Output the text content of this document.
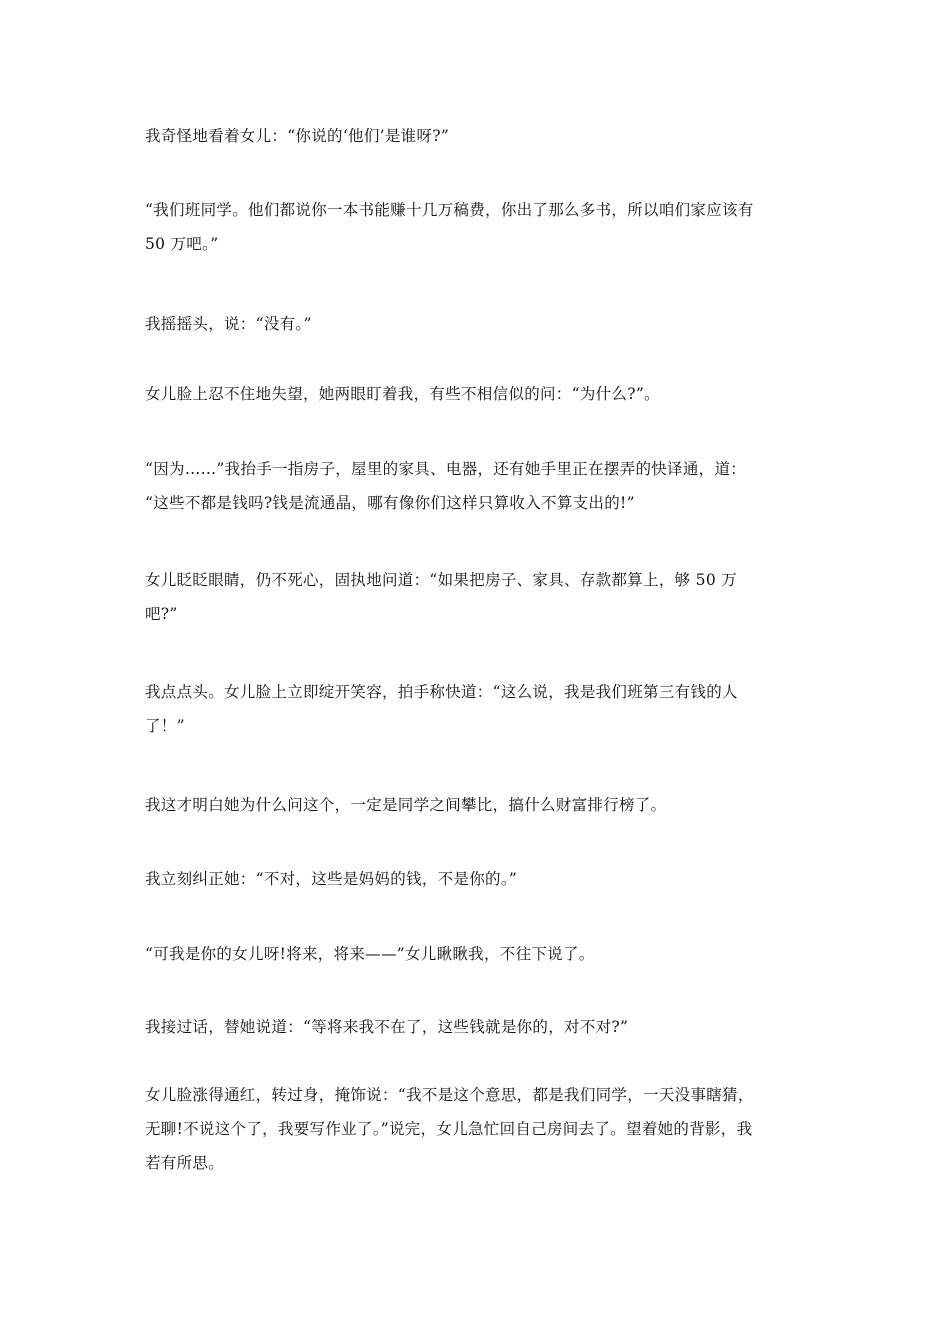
我奇怪地看着女儿：“你说的‘他们’是谁呀?”

“我们班同学。他们都说你一本书能赚十几万稿费，你出了那么多书，所以咱们家应该有
50 万吧。”

我摇摇头，说：“没有。”

女儿脸上忍不住地失望，她两眼盯着我，有些不相信似的问：“为什么?”。

“因为……”我抬手一指房子，屋里的家具、电器，还有她手里正在摆弄的快译通，道：
“这些不都是钱吗?钱是流通晶，哪有像你们这样只算收入不算支出的!”

女儿眨眨眼睛，仍不死心，固执地问道：“如果把房子、家具、存款都算上，够 50 万
吧?”

我点点头。女儿脸上立即绽开笑容，拍手称快道：“这么说，我是我们班第三有钱的人
了！”

我这才明白她为什么问这个，一定是同学之间攀比，搞什么财富排行榜了。

我立刻纠正她：“不对，这些是妈妈的钱，不是你的。”

“可我是你的女儿呀!将来，将来——”女儿瞅瞅我，不往下说了。

我接过话，替她说道：“等将来我不在了，这些钱就是你的，对不对?”

女儿脸涨得通红，转过身，掩饰说：“我不是这个意思，都是我们同学，一天没事瞎猜，
无聊!不说这个了，我要写作业了。”说完，女儿急忙回自己房间去了。望着她的背影，我
若有所思。
